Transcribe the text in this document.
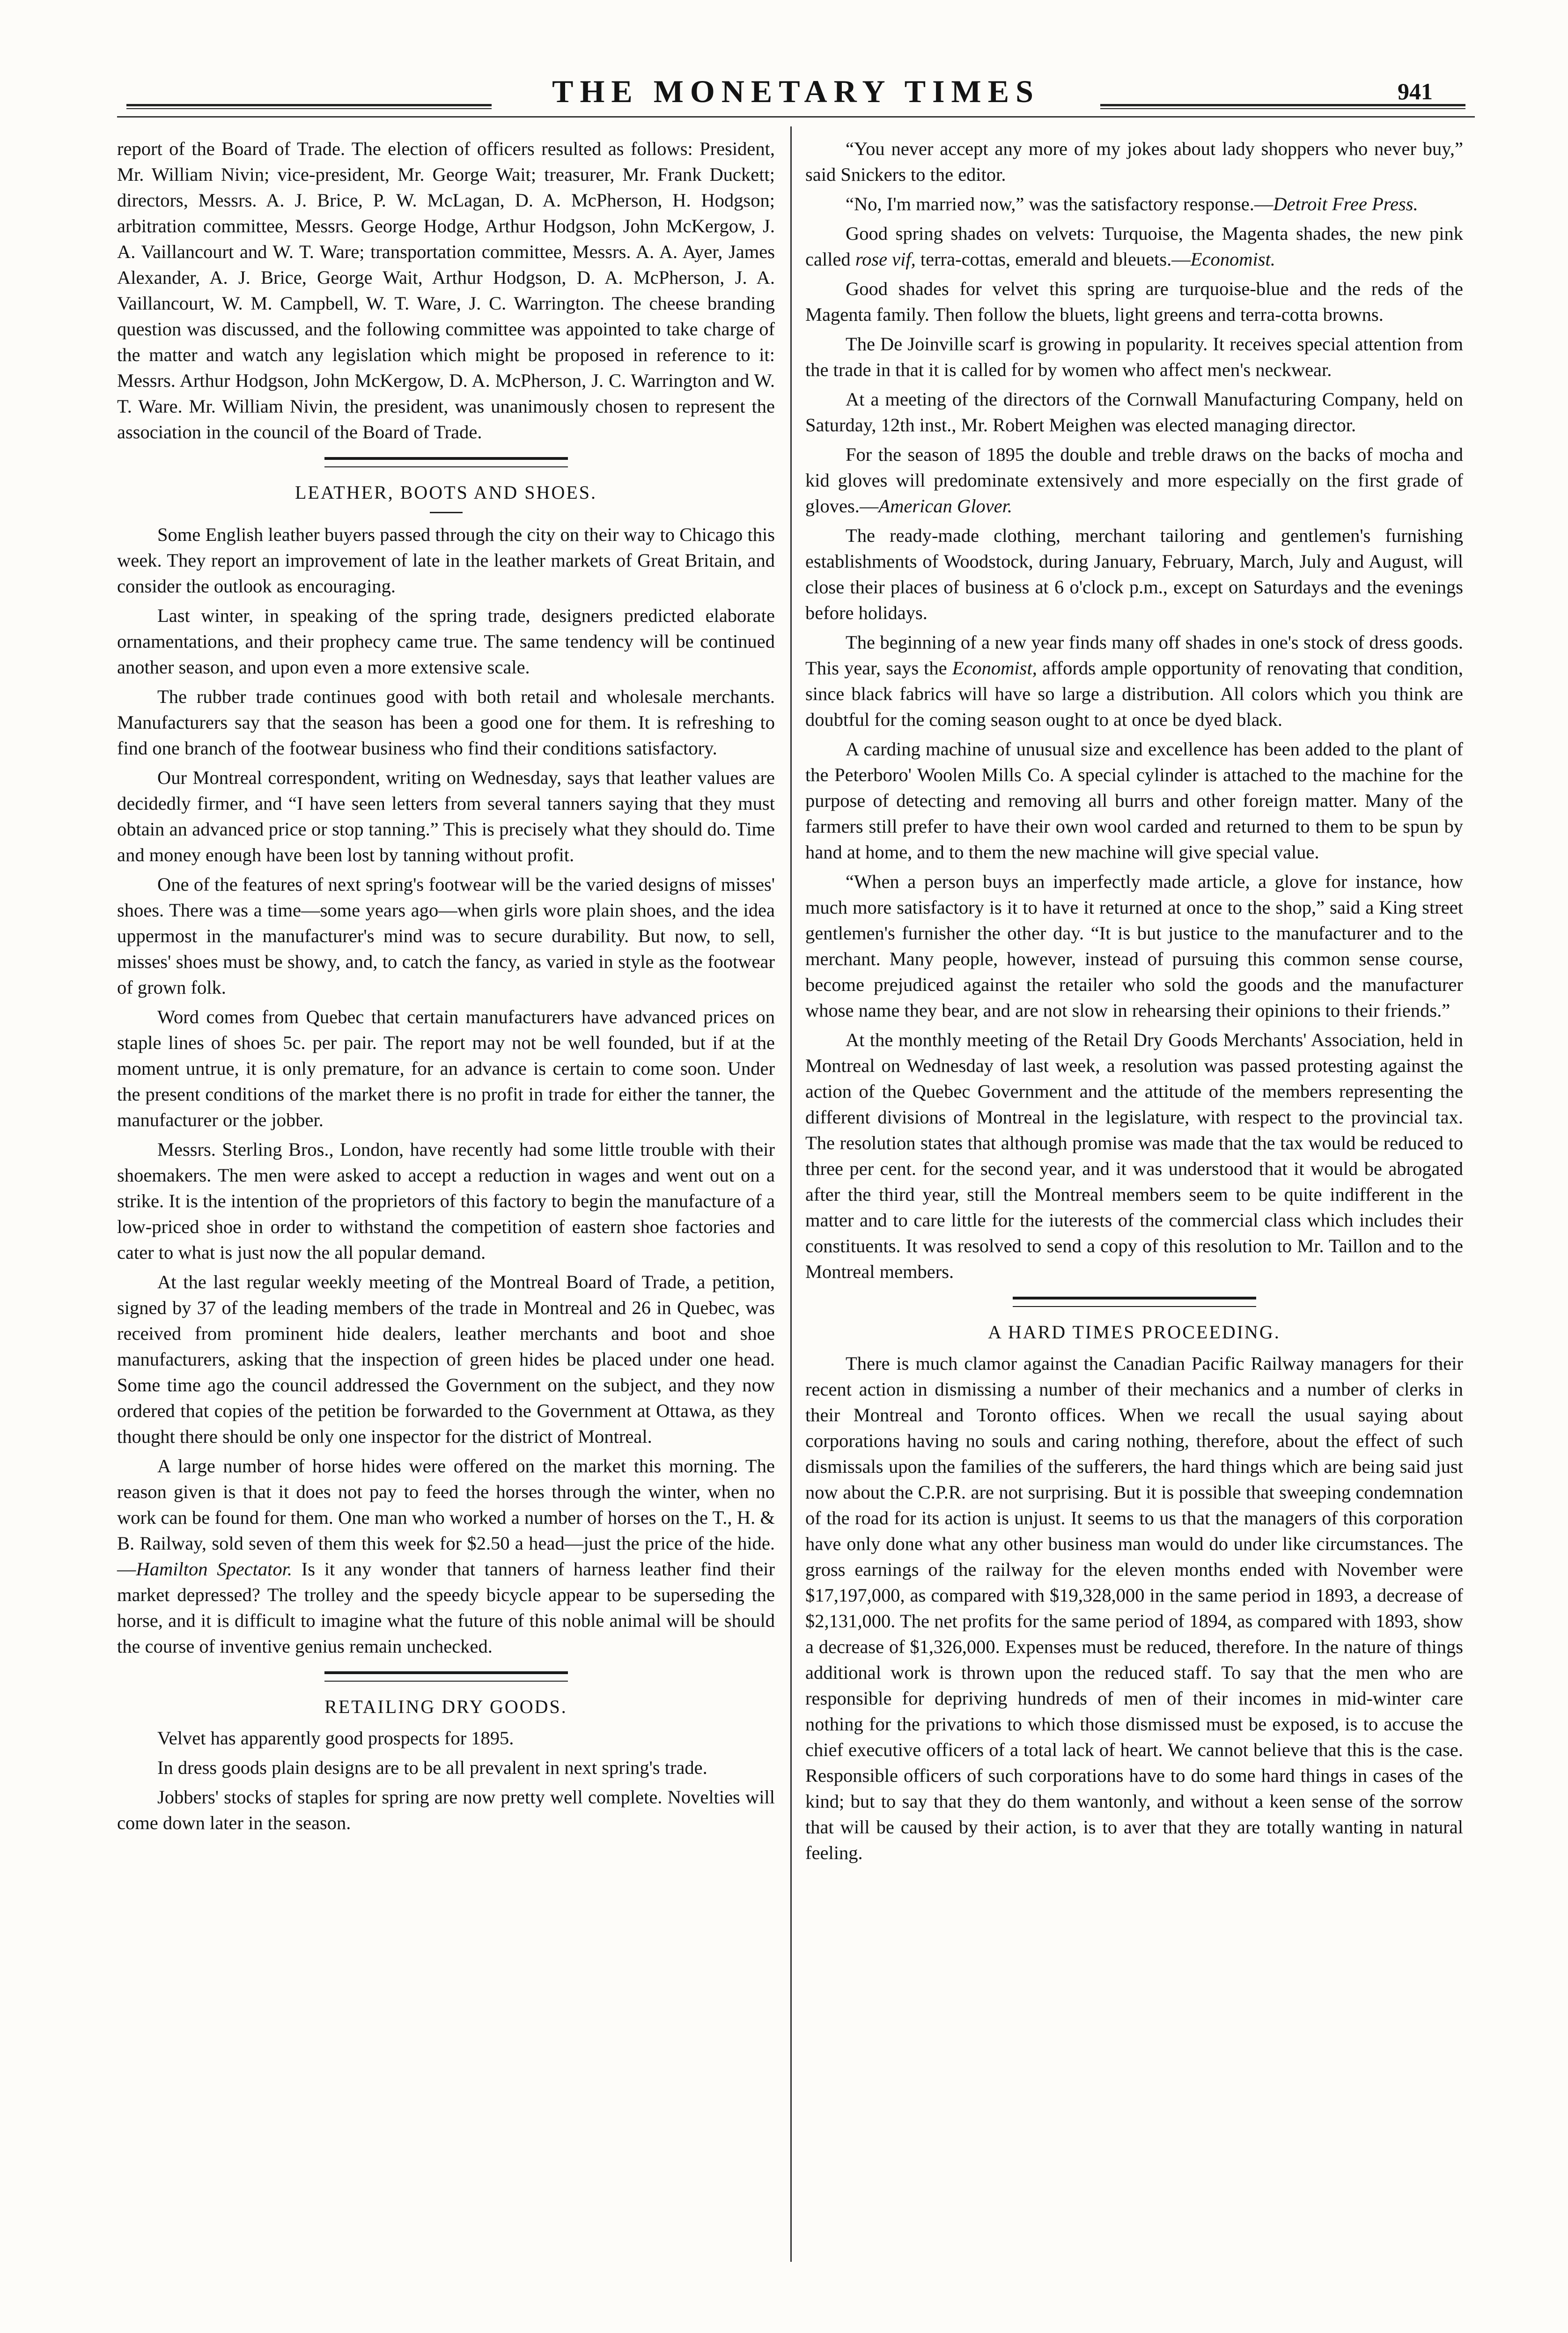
THE MONETARY TIMES	941

report of the Board of Trade. The election of officers resulted as follows: President, Mr. William Nivin; vice-president, Mr. George Wait; treasurer, Mr. Frank Duckett; directors, Messrs. A. J. Brice, P. W. McLagan, D. A. McPherson, H. Hodgson; arbitration committee, Messrs. George Hodge, Arthur Hodgson, John McKergow, J. A. Vaillancourt and W. T. Ware; transportation committee, Messrs. A. A. Ayer, James Alexander, A. J. Brice, George Wait, Arthur Hodgson, D. A. McPherson, J. A. Vaillancourt, W. M. Campbell, W. T. Ware, J. C. Warrington. The cheese branding question was discussed, and the following committee was appointed to take charge of the matter and watch any legislation which might be proposed in reference to it: Messrs. Arthur Hodgson, John McKergow, D. A. McPherson, J. C. Warrington and W. T. Ware. Mr. William Nivin, the president, was unanimously chosen to represent the association in the council of the Board of Trade.

LEATHER, BOOTS AND SHOES.

Some English leather buyers passed through the city on their way to Chicago this week. They report an improvement of late in the leather markets of Great Britain, and consider the outlook as encouraging.

Last winter, in speaking of the spring trade, designers predicted elaborate ornamentations, and their prophecy came true. The same tendency will be continued another season, and upon even a more extensive scale.

The rubber trade continues good with both retail and wholesale merchants. Manufacturers say that the season has been a good one for them. It is refreshing to find one branch of the footwear business who find their conditions satisfactory.

Our Montreal correspondent, writing on Wednesday, says that leather values are decidedly firmer, and “I have seen letters from several tanners saying that they must obtain an advanced price or stop tanning.” This is precisely what they should do. Time and money enough have been lost by tanning without profit.

One of the features of next spring's footwear will be the varied designs of misses' shoes. There was a time—some years ago—when girls wore plain shoes, and the idea uppermost in the manufacturer's mind was to secure durability. But now, to sell, misses' shoes must be showy, and, to catch the fancy, as varied in style as the footwear of grown folk.

Word comes from Quebec that certain manufacturers have advanced prices on staple lines of shoes 5c. per pair. The report may not be well founded, but if at the moment untrue, it is only premature, for an advance is certain to come soon. Under the present conditions of the market there is no profit in trade for either the tanner, the manufacturer or the jobber.

Messrs. Sterling Bros., London, have recently had some little trouble with their shoemakers. The men were asked to accept a reduction in wages and went out on a strike. It is the intention of the proprietors of this factory to begin the manufacture of a low-priced shoe in order to withstand the competition of eastern shoe factories and cater to what is just now the all popular demand.

At the last regular weekly meeting of the Montreal Board of Trade, a petition, signed by 37 of the leading members of the trade in Montreal and 26 in Quebec, was received from prominent hide dealers, leather merchants and boot and shoe manufacturers, asking that the inspection of green hides be placed under one head. Some time ago the council addressed the Government on the subject, and they now ordered that copies of the petition be forwarded to the Government at Ottawa, as they thought there should be only one inspector for the district of Montreal.

A large number of horse hides were offered on the market this morning. The reason given is that it does not pay to feed the horses through the winter, when no work can be found for them. One man who worked a number of horses on the T., H. & B. Railway, sold seven of them this week for $2.50 a head—just the price of the hide.—Hamilton Spectator. Is it any wonder that tanners of harness leather find their market depressed? The trolley and the speedy bicycle appear to be superseding the horse, and it is difficult to imagine what the future of this noble animal will be should the course of inventive genius remain unchecked.

RETAILING DRY GOODS.

Velvet has apparently good prospects for 1895.

In dress goods plain designs are to be all prevalent in next spring's trade.

Jobbers' stocks of staples for spring are now pretty well complete. Novelties will come down later in the season.

“You never accept any more of my jokes about lady shoppers who never buy,” said Snickers to the editor.

“No, I'm married now,” was the satisfactory response.—Detroit Free Press.

Good spring shades on velvets: Turquoise, the Magenta shades, the new pink called rose vif, terra-cottas, emerald and bleuets.—Economist.

Good shades for velvet this spring are turquoise-blue and the reds of the Magenta family. Then follow the bluets, light greens and terra-cotta browns.

The De Joinville scarf is growing in popularity. It receives special attention from the trade in that it is called for by women who affect men's neckwear.

At a meeting of the directors of the Cornwall Manufacturing Company, held on Saturday, 12th inst., Mr. Robert Meighen was elected managing director.

For the season of 1895 the double and treble draws on the backs of mocha and kid gloves will predominate extensively and more especially on the first grade of gloves.—American Glover.

The ready-made clothing, merchant tailoring and gentlemen's furnishing establishments of Woodstock, during January, February, March, July and August, will close their places of business at 6 o'clock p.m., except on Saturdays and the evenings before holidays.

The beginning of a new year finds many off shades in one's stock of dress goods. This year, says the Economist, affords ample opportunity of renovating that condition, since black fabrics will have so large a distribution. All colors which you think are doubtful for the coming season ought to at once be dyed black.

A carding machine of unusual size and excellence has been added to the plant of the Peterboro' Woolen Mills Co. A special cylinder is attached to the machine for the purpose of detecting and removing all burrs and other foreign matter. Many of the farmers still prefer to have their own wool carded and returned to them to be spun by hand at home, and to them the new machine will give special value.

“When a person buys an imperfectly made article, a glove for instance, how much more satisfactory is it to have it returned at once to the shop,” said a King street gentlemen's furnisher the other day. “It is but justice to the manufacturer and to the merchant. Many people, however, instead of pursuing this common sense course, become prejudiced against the retailer who sold the goods and the manufacturer whose name they bear, and are not slow in rehearsing their opinions to their friends.”

At the monthly meeting of the Retail Dry Goods Merchants' Association, held in Montreal on Wednesday of last week, a resolution was passed protesting against the action of the Quebec Government and the attitude of the members representing the different divisions of Montreal in the legislature, with respect to the provincial tax. The resolution states that although promise was made that the tax would be reduced to three per cent. for the second year, and it was understood that it would be abrogated after the third year, still the Montreal members seem to be quite indifferent in the matter and to care little for the iuterests of the commercial class which includes their constituents. It was resolved to send a copy of this resolution to Mr. Taillon and to the Montreal members.

A HARD TIMES PROCEEDING.

There is much clamor against the Canadian Pacific Railway managers for their recent action in dismissing a number of their mechanics and a number of clerks in their Montreal and Toronto offices. When we recall the usual saying about corporations having no souls and caring nothing, therefore, about the effect of such dismissals upon the families of the sufferers, the hard things which are being said just now about the C.P.R. are not surprising. But it is possible that sweeping condemnation of the road for its action is unjust. It seems to us that the managers of this corporation have only done what any other business man would do under like circumstances. The gross earnings of the railway for the eleven months ended with November were $17,197,000, as compared with $19,328,000 in the same period in 1893, a decrease of $2,131,000. The net profits for the same period of 1894, as compared with 1893, show a decrease of $1,326,000. Expenses must be reduced, therefore. In the nature of things additional work is thrown upon the reduced staff. To say that the men who are responsible for depriving hundreds of men of their incomes in mid-winter care nothing for the privations to which those dismissed must be exposed, is to accuse the chief executive officers of a total lack of heart. We cannot believe that this is the case. Responsible officers of such corporations have to do some hard things in cases of the kind; but to say that they do them wantonly, and without a keen sense of the sorrow that will be caused by their action, is to aver that they are totally wanting in natural feeling.
